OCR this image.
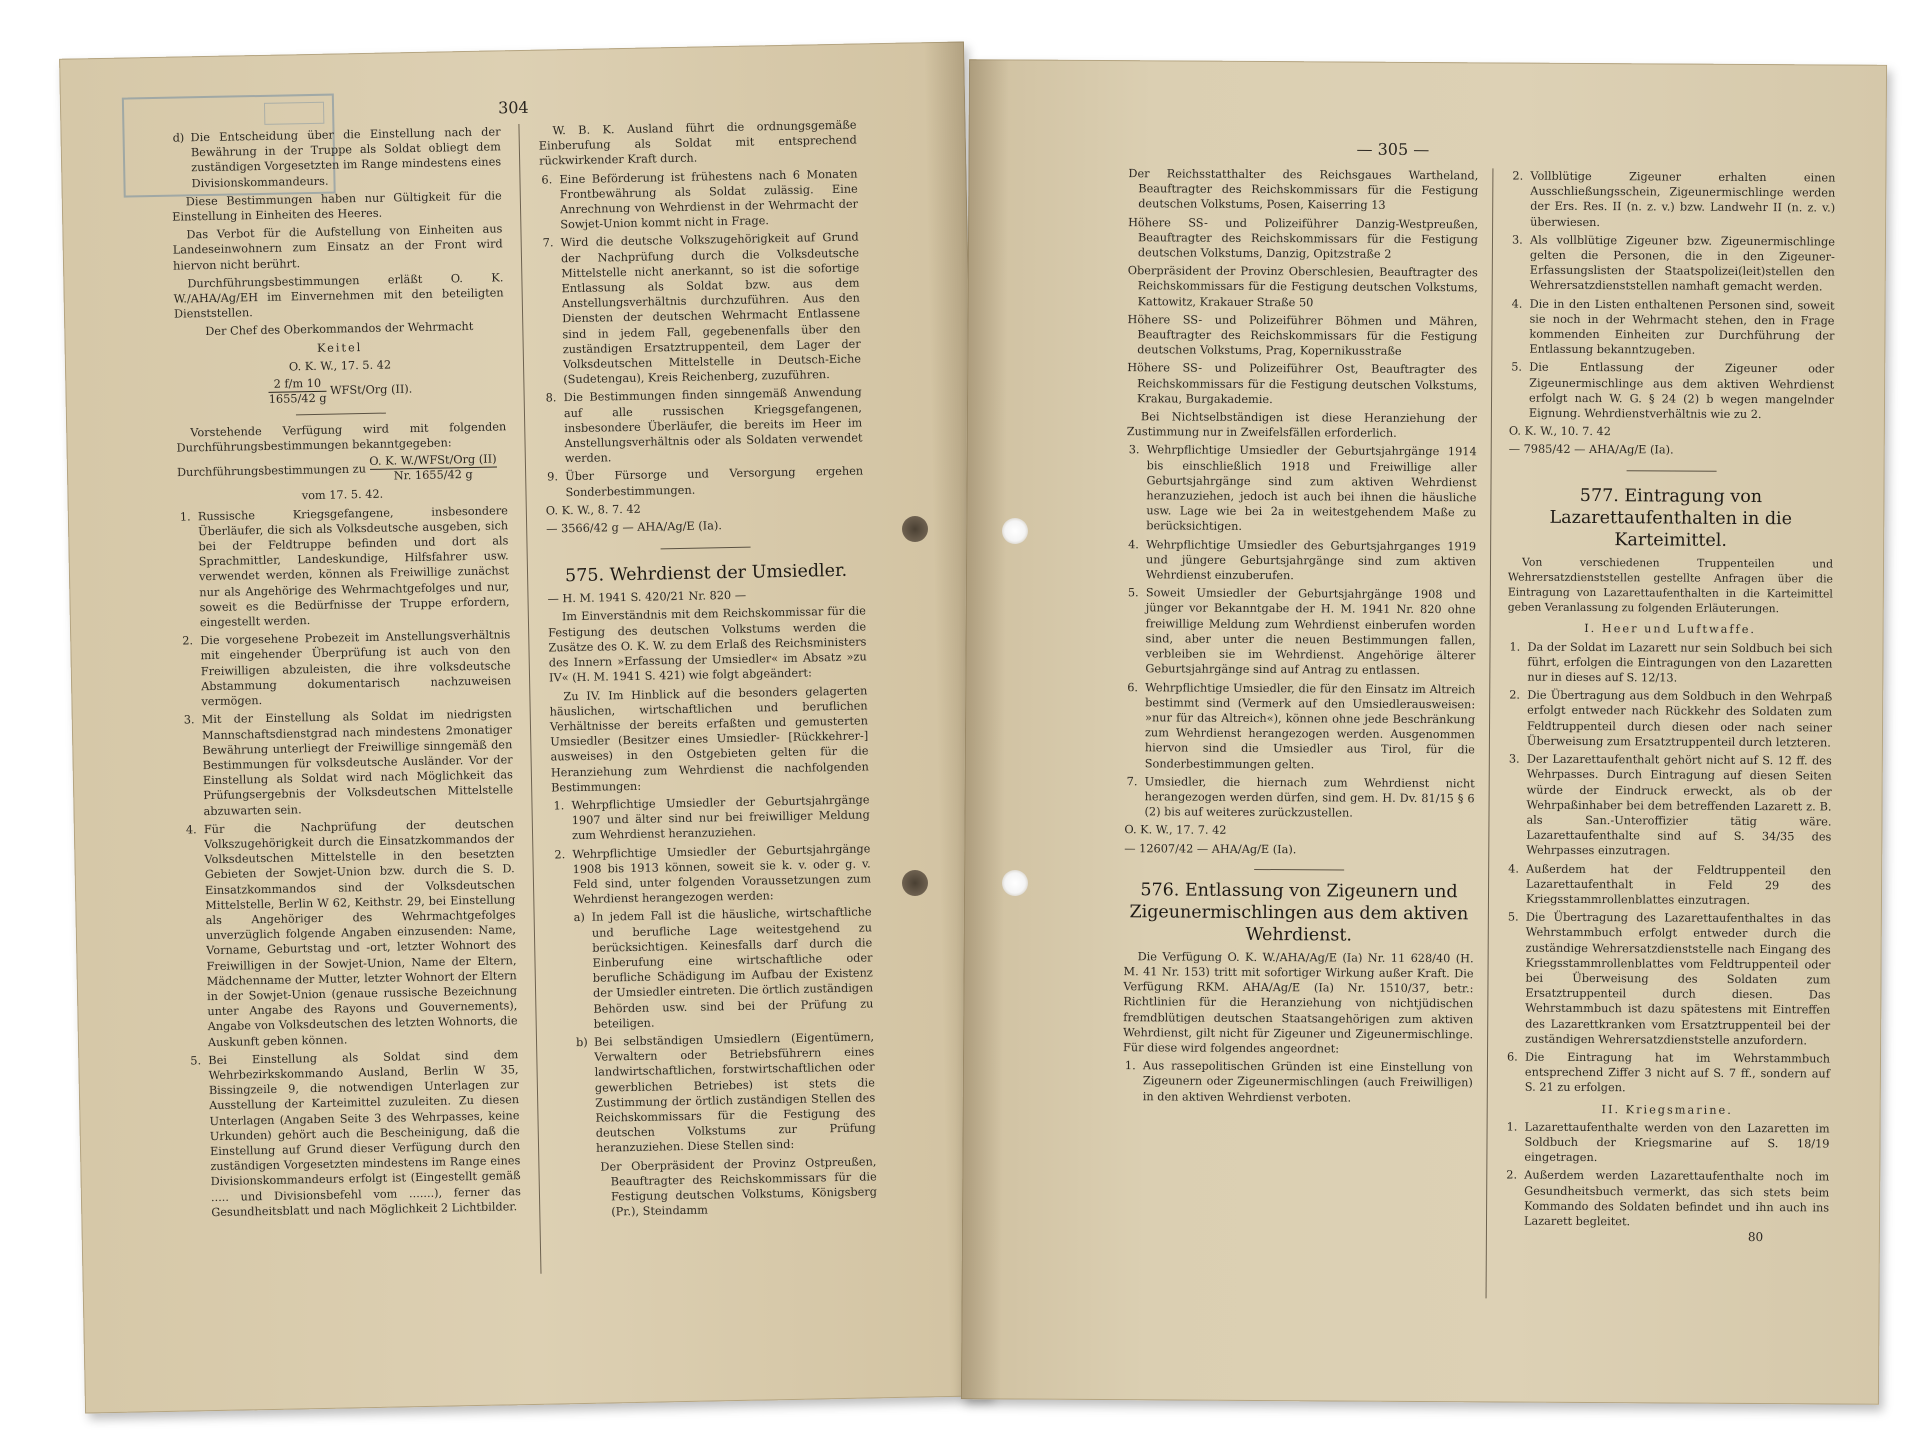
304
d) Die Entscheidung über die Einstellung nach der Bewährung in der Truppe als Soldat obliegt dem zuständigen Vorgesetzten im Range mindestens eines Divisionskommandeurs.

Diese Bestimmungen haben nur Gültigkeit für die Einstellung in Einheiten des Heeres.

Das Verbot für die Aufstellung von Einheiten aus Landeseinwohnern zum Einsatz an der Front wird hiervon nicht berührt.

Durchführungsbestimmungen erläßt O. K. W./AHA/Ag/EH im Einvernehmen mit den beteiligten Dienststellen.

Der Chef des Oberkommandos der Wehrmacht

Keitel

O. K. W., 17. 5. 42

$\frac{2 f/m 10}{1655/42 g}$ WFSt/Org (II).

Vorstehende Verfügung wird mit folgenden Durchführungsbestimmungen bekanntgegeben:

Durchführungsbestimmungen zu $\frac{\text{O. K. W./WFSt/Org (II)}}{Nr. 1655/42 g}$

vom 17. 5. 42.

1. Russische Kriegsgefangene, insbesondere Überläufer, die sich als Volksdeutsche ausgeben, sich bei der Feldtruppe befinden und dort als Sprachmittler, Landeskundige, Hilfsfahrer usw. verwendet werden, können als Freiwillige zunächst nur als Angehörige des Wehrmachtgefolges und nur, soweit es die Bedürfnisse der Truppe erfordern, eingestellt werden.
2. Die vorgesehene Probezeit im Anstellungsverhältnis mit eingehender Überprüfung ist auch von den Freiwilligen abzuleisten, die ihre volksdeutsche Abstammung dokumentarisch nachzuweisen vermögen.
3. Mit der Einstellung als Soldat im niedrigsten Mannschaftsdienstgrad nach mindestens 2monatiger Bewährung unterliegt der Freiwillige sinngemäß den Bestimmungen für volksdeutsche Ausländer. Vor der Einstellung als Soldat wird nach Möglichkeit das Prüfungsergebnis der Volksdeutschen Mittelstelle abzuwarten sein.
4. Für die Nachprüfung der deutschen Volkszugehörigkeit durch die Einsatzkommandos der Volksdeutschen Mittelstelle in den besetzten Gebieten der Sowjet-Union bzw. durch die S. D. Einsatzkommandos sind der Volksdeutschen Mittelstelle, Berlin W 62, Keithstr. 29, bei Einstellung als Angehöriger des Wehrmachtgefolges unverzüglich folgende Angaben einzusenden: Name, Vorname, Geburtstag und -ort, letzter Wohnort des Freiwilligen in der Sowjet-Union, Name der Eltern, Mädchenname der Mutter, letzter Wohnort der Eltern in der Sowjet-Union (genaue russische Bezeichnung unter Angabe des Rayons und Gouvernements), Angabe von Volksdeutschen des letzten Wohnorts, die Auskunft geben können.
5. Bei Einstellung als Soldat sind dem Wehrbezirkskommando Ausland, Berlin W 35, Bissingzeile 9, die notwendigen Unterlagen zur Ausstellung der Karteimittel zuzuleiten. Zu diesen Unterlagen (Angaben Seite 3 des Wehrpasses, keine Urkunden) gehört auch die Bescheinigung, daß die Einstellung auf Grund dieser Verfügung durch den zuständigen Vorgesetzten mindestens im Range eines Divisionskommandeurs erfolgt ist (Eingestellt gemäß ..... und Divisionsbefehl vom .......), ferner das Gesundheitsblatt und nach Möglichkeit 2 Lichtbilder.

W. B. K. Ausland führt die ordnungsgemäße Einberufung als Soldat mit entsprechend rückwirkender Kraft durch.

6. Eine Beförderung ist frühestens nach 6 Monaten Frontbewährung als Soldat zulässig. Eine Anrechnung von Wehrdienst in der Wehrmacht der Sowjet-Union kommt nicht in Frage.
7. Wird die deutsche Volkszugehörigkeit auf Grund der Nachprüfung durch die Volksdeutsche Mittelstelle nicht anerkannt, so ist die sofortige Entlassung als Soldat bzw. aus dem Anstellungsverhältnis durchzuführen. Aus den Diensten der deutschen Wehrmacht Entlassene sind in jedem Fall, gegebenenfalls über den zuständigen Ersatztruppenteil, dem Lager der Volksdeutschen Mittelstelle in Deutsch-Eiche (Sudetengau), Kreis Reichenberg, zuzuführen.
8. Die Bestimmungen finden sinngemäß Anwendung auf alle russischen Kriegsgefangenen, insbesondere Überläufer, die bereits im Heer im Anstellungsverhältnis oder als Soldaten verwendet werden.
9. Über Fürsorge und Versorgung ergehen Sonderbestimmungen.

O. K. W., 8. 7. 42

— 3566/42 g — AHA/Ag/E (Ia).

575. Wehrdienst der Umsiedler.

— H. M. 1941 S. 420/21 Nr. 820 —

Im Einverständnis mit dem Reichskommissar für die Festigung des deutschen Volkstums werden die Zusätze des O. K. W. zu dem Erlaß des Reichsministers des Innern »Erfassung der Umsiedler« im Absatz »zu IV« (H. M. 1941 S. 421) wie folgt abgeändert:

Zu IV. Im Hinblick auf die besonders gelagerten häuslichen, wirtschaftlichen und beruflichen Verhältnisse der bereits erfaßten und gemusterten Umsiedler (Besitzer eines Umsiedler- [Rückkehrer-] ausweises) in den Ostgebieten gelten für die Heranziehung zum Wehrdienst die nachfolgenden Bestimmungen:

1. Wehrpflichtige Umsiedler der Geburtsjahrgänge 1907 und älter sind nur bei freiwilliger Meldung zum Wehrdienst heranzuziehen.
2. Wehrpflichtige Umsiedler der Geburtsjahrgänge 1908 bis 1913 können, soweit sie k. v. oder g. v. Feld sind, unter folgenden Voraussetzungen zum Wehrdienst herangezogen werden:
a) In jedem Fall ist die häusliche, wirtschaftliche und berufliche Lage weitestgehend zu berücksichtigen. Keinesfalls darf durch die Einberufung eine wirtschaftliche oder berufliche Schädigung im Aufbau der Existenz der Umsiedler eintreten. Die örtlich zuständigen Behörden usw. sind bei der Prüfung zu beteiligen.
b) Bei selbständigen Umsiedlern (Eigentümern, Verwaltern oder Betriebsführern eines landwirtschaftlichen, forstwirtschaftlichen oder gewerblichen Betriebes) ist stets die Zustimmung der örtlich zuständigen Stellen des Reichskommissars für die Festigung des deutschen Volkstums zur Prüfung heranzuziehen. Diese Stellen sind:

Der Oberpräsident der Provinz Ostpreußen, Beauftragter des Reichskommissars für die Festigung deutschen Volkstums, Königsberg (Pr.), Steindamm

— 305 —

Der Reichsstatthalter des Reichsgaues Wartheland, Beauftragter des Reichskommissars für die Festigung deutschen Volkstums, Posen, Kaiserring 13

Höhere SS- und Polizeiführer Danzig-Westpreußen, Beauftragter des Reichskommissars für die Festigung deutschen Volkstums, Danzig, Opitzstraße 2

Oberpräsident der Provinz Oberschlesien, Beauftragter des Reichskommissars für die Festigung deutschen Volkstums, Kattowitz, Krakauer Straße 50

Höhere SS- und Polizeiführer Böhmen und Mähren, Beauftragter des Reichskommissars für die Festigung deutschen Volkstums, Prag, Kopernikusstraße

Höhere SS- und Polizeiführer Ost, Beauftragter des Reichskommissars für die Festigung deutschen Volkstums, Krakau, Burgakademie.

Bei Nichtselbständigen ist diese Heranziehung der Zustimmung nur in Zweifelsfällen erforderlich.

3. Wehrpflichtige Umsiedler der Geburtsjahrgänge 1914 bis einschließlich 1918 und Freiwillige aller Geburtsjahrgänge sind zum aktiven Wehrdienst heranzuziehen, jedoch ist auch bei ihnen die häusliche usw. Lage wie bei 2a in weitestgehendem Maße zu berücksichtigen.
4. Wehrpflichtige Umsiedler des Geburtsjahrganges 1919 und jüngere Geburtsjahrgänge sind zum aktiven Wehrdienst einzuberufen.
5. Soweit Umsiedler der Geburtsjahrgänge 1908 und jünger vor Bekanntgabe der H. M. 1941 Nr. 820 ohne freiwillige Meldung zum Wehrdienst einberufen worden sind, aber unter die neuen Bestimmungen fallen, verbleiben sie im Wehrdienst. Angehörige älterer Geburtsjahrgänge sind auf Antrag zu entlassen.
6. Wehrpflichtige Umsiedler, die für den Einsatz im Altreich bestimmt sind (Vermerk auf den Umsiedlerausweisen: »nur für das Altreich«), können ohne jede Beschränkung zum Wehrdienst herangezogen werden. Ausgenommen hiervon sind die Umsiedler aus Tirol, für die Sonderbestimmungen gelten.
7. Umsiedler, die hiernach zum Wehrdienst nicht herangezogen werden dürfen, sind gem. H. Dv. 81/15 § 6 (2) bis auf weiteres zurückzustellen.

O. K. W., 17. 7. 42

— 12607/42 — AHA/Ag/E (Ia).

576. Entlassung von Zigeunern und Zigeunermischlingen aus dem aktiven Wehrdienst.

Die Verfügung O. K. W./AHA/Ag/E (Ia) Nr. 11 628/40 (H. M. 41 Nr. 153) tritt mit sofortiger Wirkung außer Kraft. Die Verfügung RKM. AHA/Ag/E (Ia) Nr. 1510/37, betr.: Richtlinien für die Heranziehung von nichtjüdischen fremdblütigen deutschen Staatsangehörigen zum aktiven Wehrdienst, gilt nicht für Zigeuner und Zigeunermischlinge. Für diese wird folgendes angeordnet:

1. Aus rassepolitischen Gründen ist eine Einstellung von Zigeunern oder Zigeunermischlingen (auch Freiwilligen) in den aktiven Wehrdienst verboten.
2. Vollblütige Zigeuner erhalten einen Ausschließungsschein, Zigeunermischlinge werden der Ers. Res. II (n. z. v.) bzw. Landwehr II (n. z. v.) überwiesen.
3. Als vollblütige Zigeuner bzw. Zigeunermischlinge gelten die Personen, die in den Zigeuner-Erfassungslisten der Staatspolizei(leit)stellen den Wehrersatzdienststellen namhaft gemacht werden.
4. Die in den Listen enthaltenen Personen sind, soweit sie noch in der Wehrmacht stehen, den in Frage kommenden Einheiten zur Durchführung der Entlassung bekanntzugeben.
5. Die Entlassung der Zigeuner oder Zigeunermischlinge aus dem aktiven Wehrdienst erfolgt nach W. G. § 24 (2) b wegen mangelnder Eignung. Wehrdienstverhältnis wie zu 2.

O. K. W., 10. 7. 42

— 7985/42 — AHA/Ag/E (Ia).

577. Eintragung von Lazarettaufenthalten in die Karteimittel.

Von verschiedenen Truppenteilen und Wehrersatzdienststellen gestellte Anfragen über die Eintragung von Lazarettaufenthalten in die Karteimittel geben Veranlassung zu folgenden Erläuterungen.

I. Heer und Luftwaffe.

1. Da der Soldat im Lazarett nur sein Soldbuch bei sich führt, erfolgen die Eintragungen von den Lazaretten nur in dieses auf S. 12/13.
2. Die Übertragung aus dem Soldbuch in den Wehrpaß erfolgt entweder nach Rückkehr des Soldaten zum Feldtruppenteil durch diesen oder nach seiner Überweisung zum Ersatztruppenteil durch letzteren.
3. Der Lazarettaufenthalt gehört nicht auf S. 12 ff. des Wehrpasses. Durch Eintragung auf diesen Seiten würde der Eindruck erweckt, als ob der Wehrpaßinhaber bei dem betreffenden Lazarett z. B. als San.-Unteroffizier tätig wäre. Lazarettaufenthalte sind auf S. 34/35 des Wehrpasses einzutragen.
4. Außerdem hat der Feldtruppenteil den Lazarettaufenthalt in Feld 29 des Kriegsstammrollenblattes einzutragen.
5. Die Übertragung des Lazarettaufenthaltes in das Wehrstammbuch erfolgt entweder durch die zuständige Wehrersatzdienststelle nach Eingang des Kriegsstammrollenblattes vom Feldtruppenteil oder bei Überweisung des Soldaten zum Ersatztruppenteil durch diesen. Das Wehrstammbuch ist dazu spätestens mit Eintreffen des Lazarettkranken vom Ersatztruppenteil bei der zuständigen Wehrersatzdienststelle anzufordern.
6. Die Eintragung hat im Wehrstammbuch entsprechend Ziffer 3 nicht auf S. 7 ff., sondern auf S. 21 zu erfolgen.

II. Kriegsmarine.

1. Lazarettaufenthalte werden von den Lazaretten im Soldbuch der Kriegsmarine auf S. 18/19 eingetragen.
2. Außerdem werden Lazarettaufenthalte noch im Gesundheitsbuch vermerkt, das sich stets beim Kommando des Soldaten befindet und ihn auch ins Lazarett begleitet.
80
